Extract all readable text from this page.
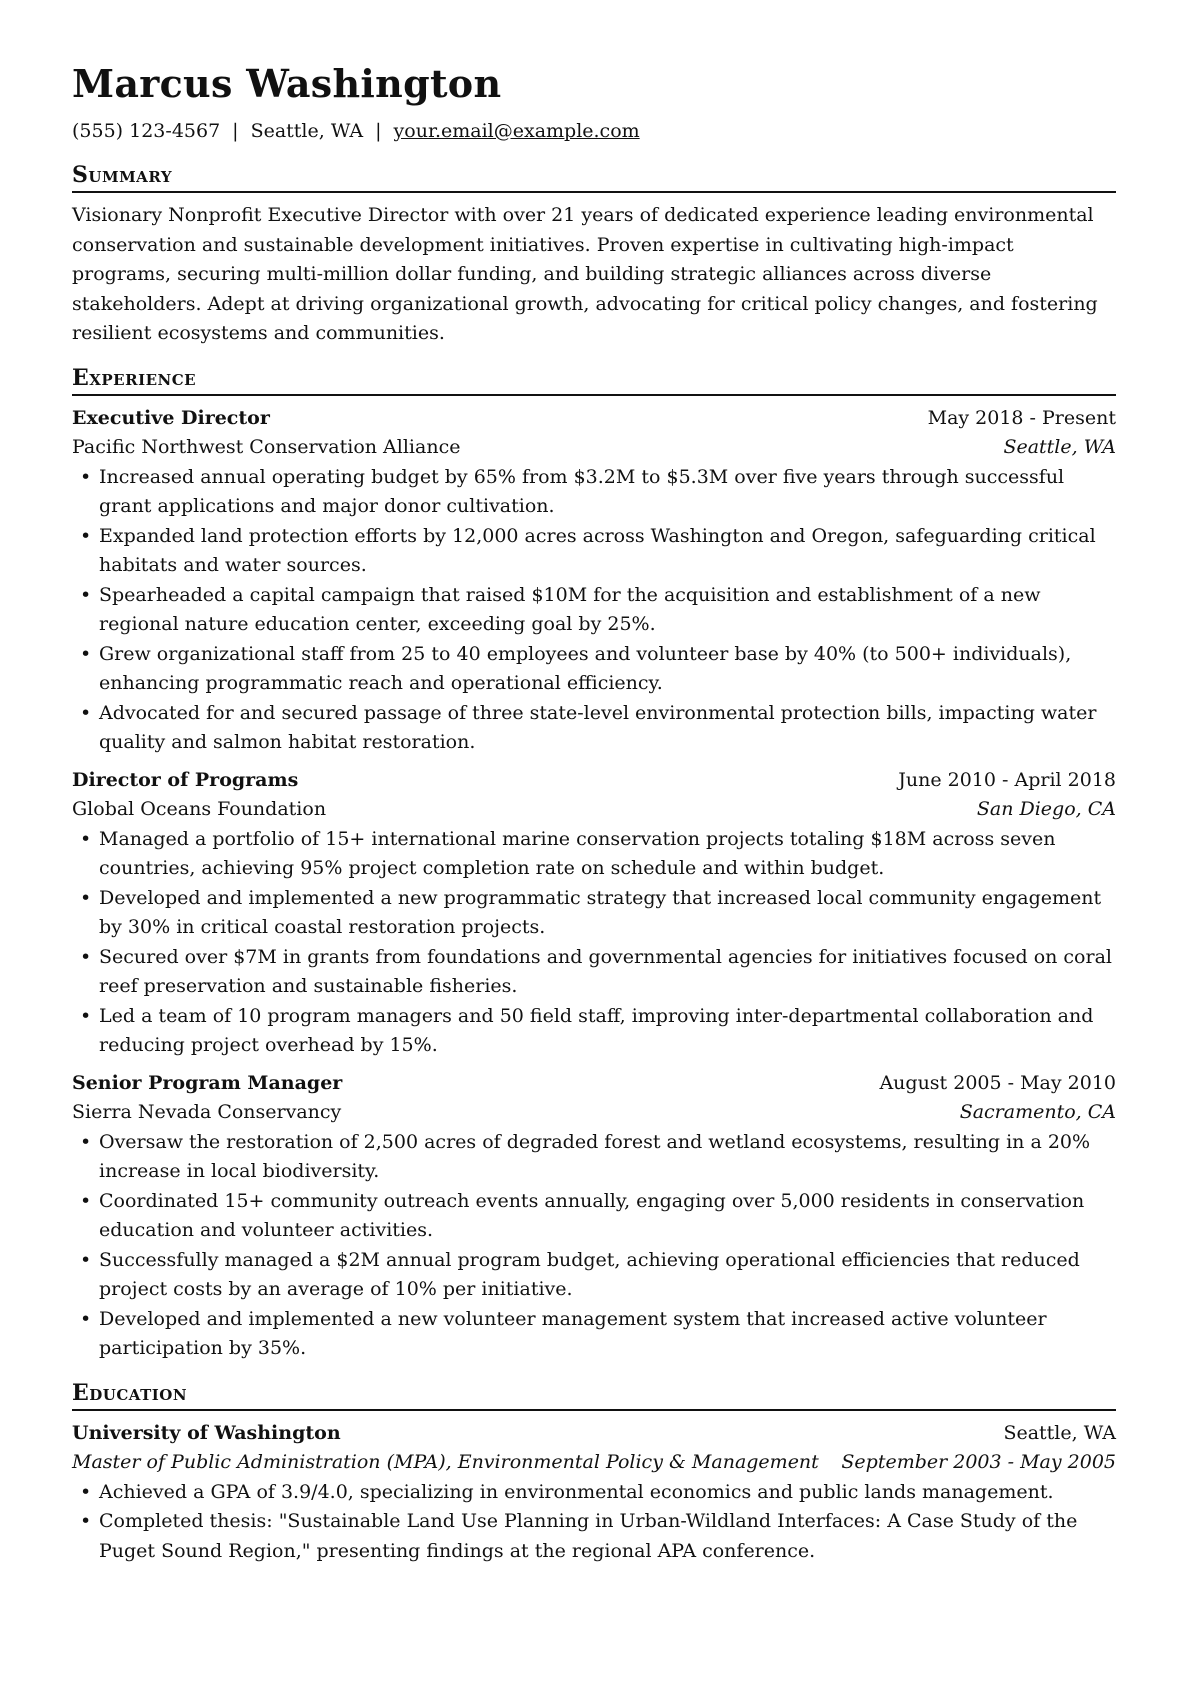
Marcus Washington
(555) 123-4567 | Seattle, WA | your.email@example.com
Summary
Visionary Nonprofit Executive Director with over 21 years of dedicated experience leading environmental conservation and sustainable development initiatives. Proven expertise in cultivating high-impact programs, securing multi-million dollar funding, and building strategic alliances across diverse stakeholders. Adept at driving organizational growth, advocating for critical policy changes, and fostering resilient ecosystems and communities.
Experience
Executive Director	May 2018 - Present
Pacific Northwest Conservation Alliance	Seattle, WA
• Increased annual operating budget by 65% from $3.2M to $5.3M over five years through successful grant applications and major donor cultivation.
• Expanded land protection efforts by 12,000 acres across Washington and Oregon, safeguarding critical habitats and water sources.
• Spearheaded a capital campaign that raised $10M for the acquisition and establishment of a new regional nature education center, exceeding goal by 25%.
• Grew organizational staff from 25 to 40 employees and volunteer base by 40% (to 500+ individuals), enhancing programmatic reach and operational efficiency.
• Advocated for and secured passage of three state-level environmental protection bills, impacting water quality and salmon habitat restoration.
Director of Programs	June 2010 - April 2018
Global Oceans Foundation	San Diego, CA
• Managed a portfolio of 15+ international marine conservation projects totaling $18M across seven countries, achieving 95% project completion rate on schedule and within budget.
• Developed and implemented a new programmatic strategy that increased local community engagement by 30% in critical coastal restoration projects.
• Secured over $7M in grants from foundations and governmental agencies for initiatives focused on coral reef preservation and sustainable fisheries.
• Led a team of 10 program managers and 50 field staff, improving inter-departmental collaboration and reducing project overhead by 15%.
Senior Program Manager	August 2005 - May 2010
Sierra Nevada Conservancy	Sacramento, CA
• Oversaw the restoration of 2,500 acres of degraded forest and wetland ecosystems, resulting in a 20% increase in local biodiversity.
• Coordinated 15+ community outreach events annually, engaging over 5,000 residents in conservation education and volunteer activities.
• Successfully managed a $2M annual program budget, achieving operational efficiencies that reduced project costs by an average of 10% per initiative.
• Developed and implemented a new volunteer management system that increased active volunteer participation by 35%.
Education
University of Washington	Seattle, WA
Master of Public Administration (MPA), Environmental Policy & Management September 2003 - May 2005
• Achieved a GPA of 3.9/4.0, specializing in environmental economics and public lands management.
• Completed thesis: "Sustainable Land Use Planning in Urban-Wildland Interfaces: A Case Study of the Puget Sound Region," presenting findings at the regional APA conference.
